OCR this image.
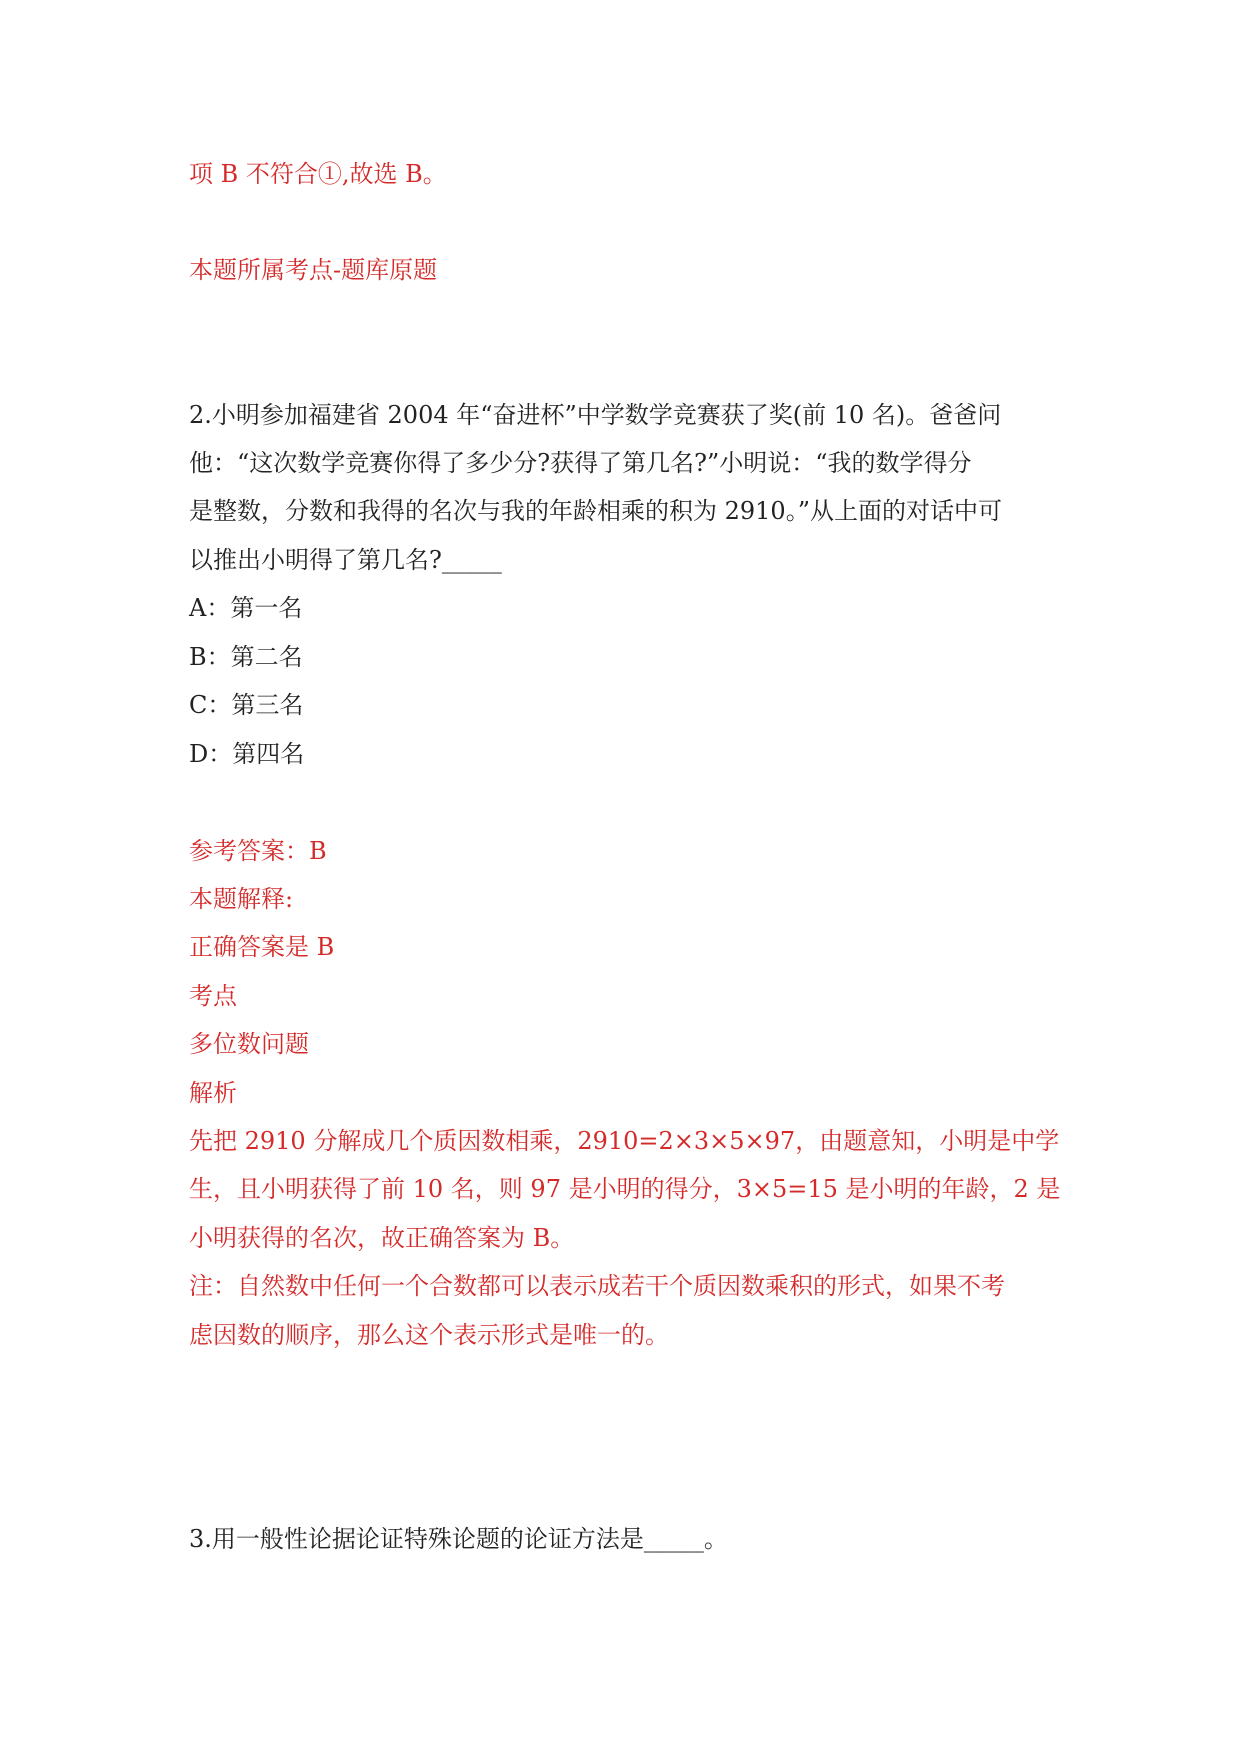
项 B 不符合①,故选 B。
本题所属考点-题库原题
2.小明参加福建省 2004 年“奋进杯”中学数学竞赛获了奖(前 10 名)。爸爸问
他：“这次数学竞赛你得了多少分?获得了第几名?”小明说：“我的数学得分
是整数，分数和我得的名次与我的年龄相乘的积为 2910。”从上面的对话中可
以推出小明得了第几名?_____
A：第一名
B：第二名
C：第三名
D：第四名
参考答案：B
本题解释:
正确答案是 B
考点
多位数问题
解析
先把 2910 分解成几个质因数相乘，2910=2×3×5×97，由题意知，小明是中学
生，且小明获得了前 10 名，则 97 是小明的得分，3×5=15 是小明的年龄，2 是
小明获得的名次，故正确答案为 B。
注：自然数中任何一个合数都可以表示成若干个质因数乘积的形式，如果不考
虑因数的顺序，那么这个表示形式是唯一的。
3.用一般性论据论证特殊论题的论证方法是_____。
